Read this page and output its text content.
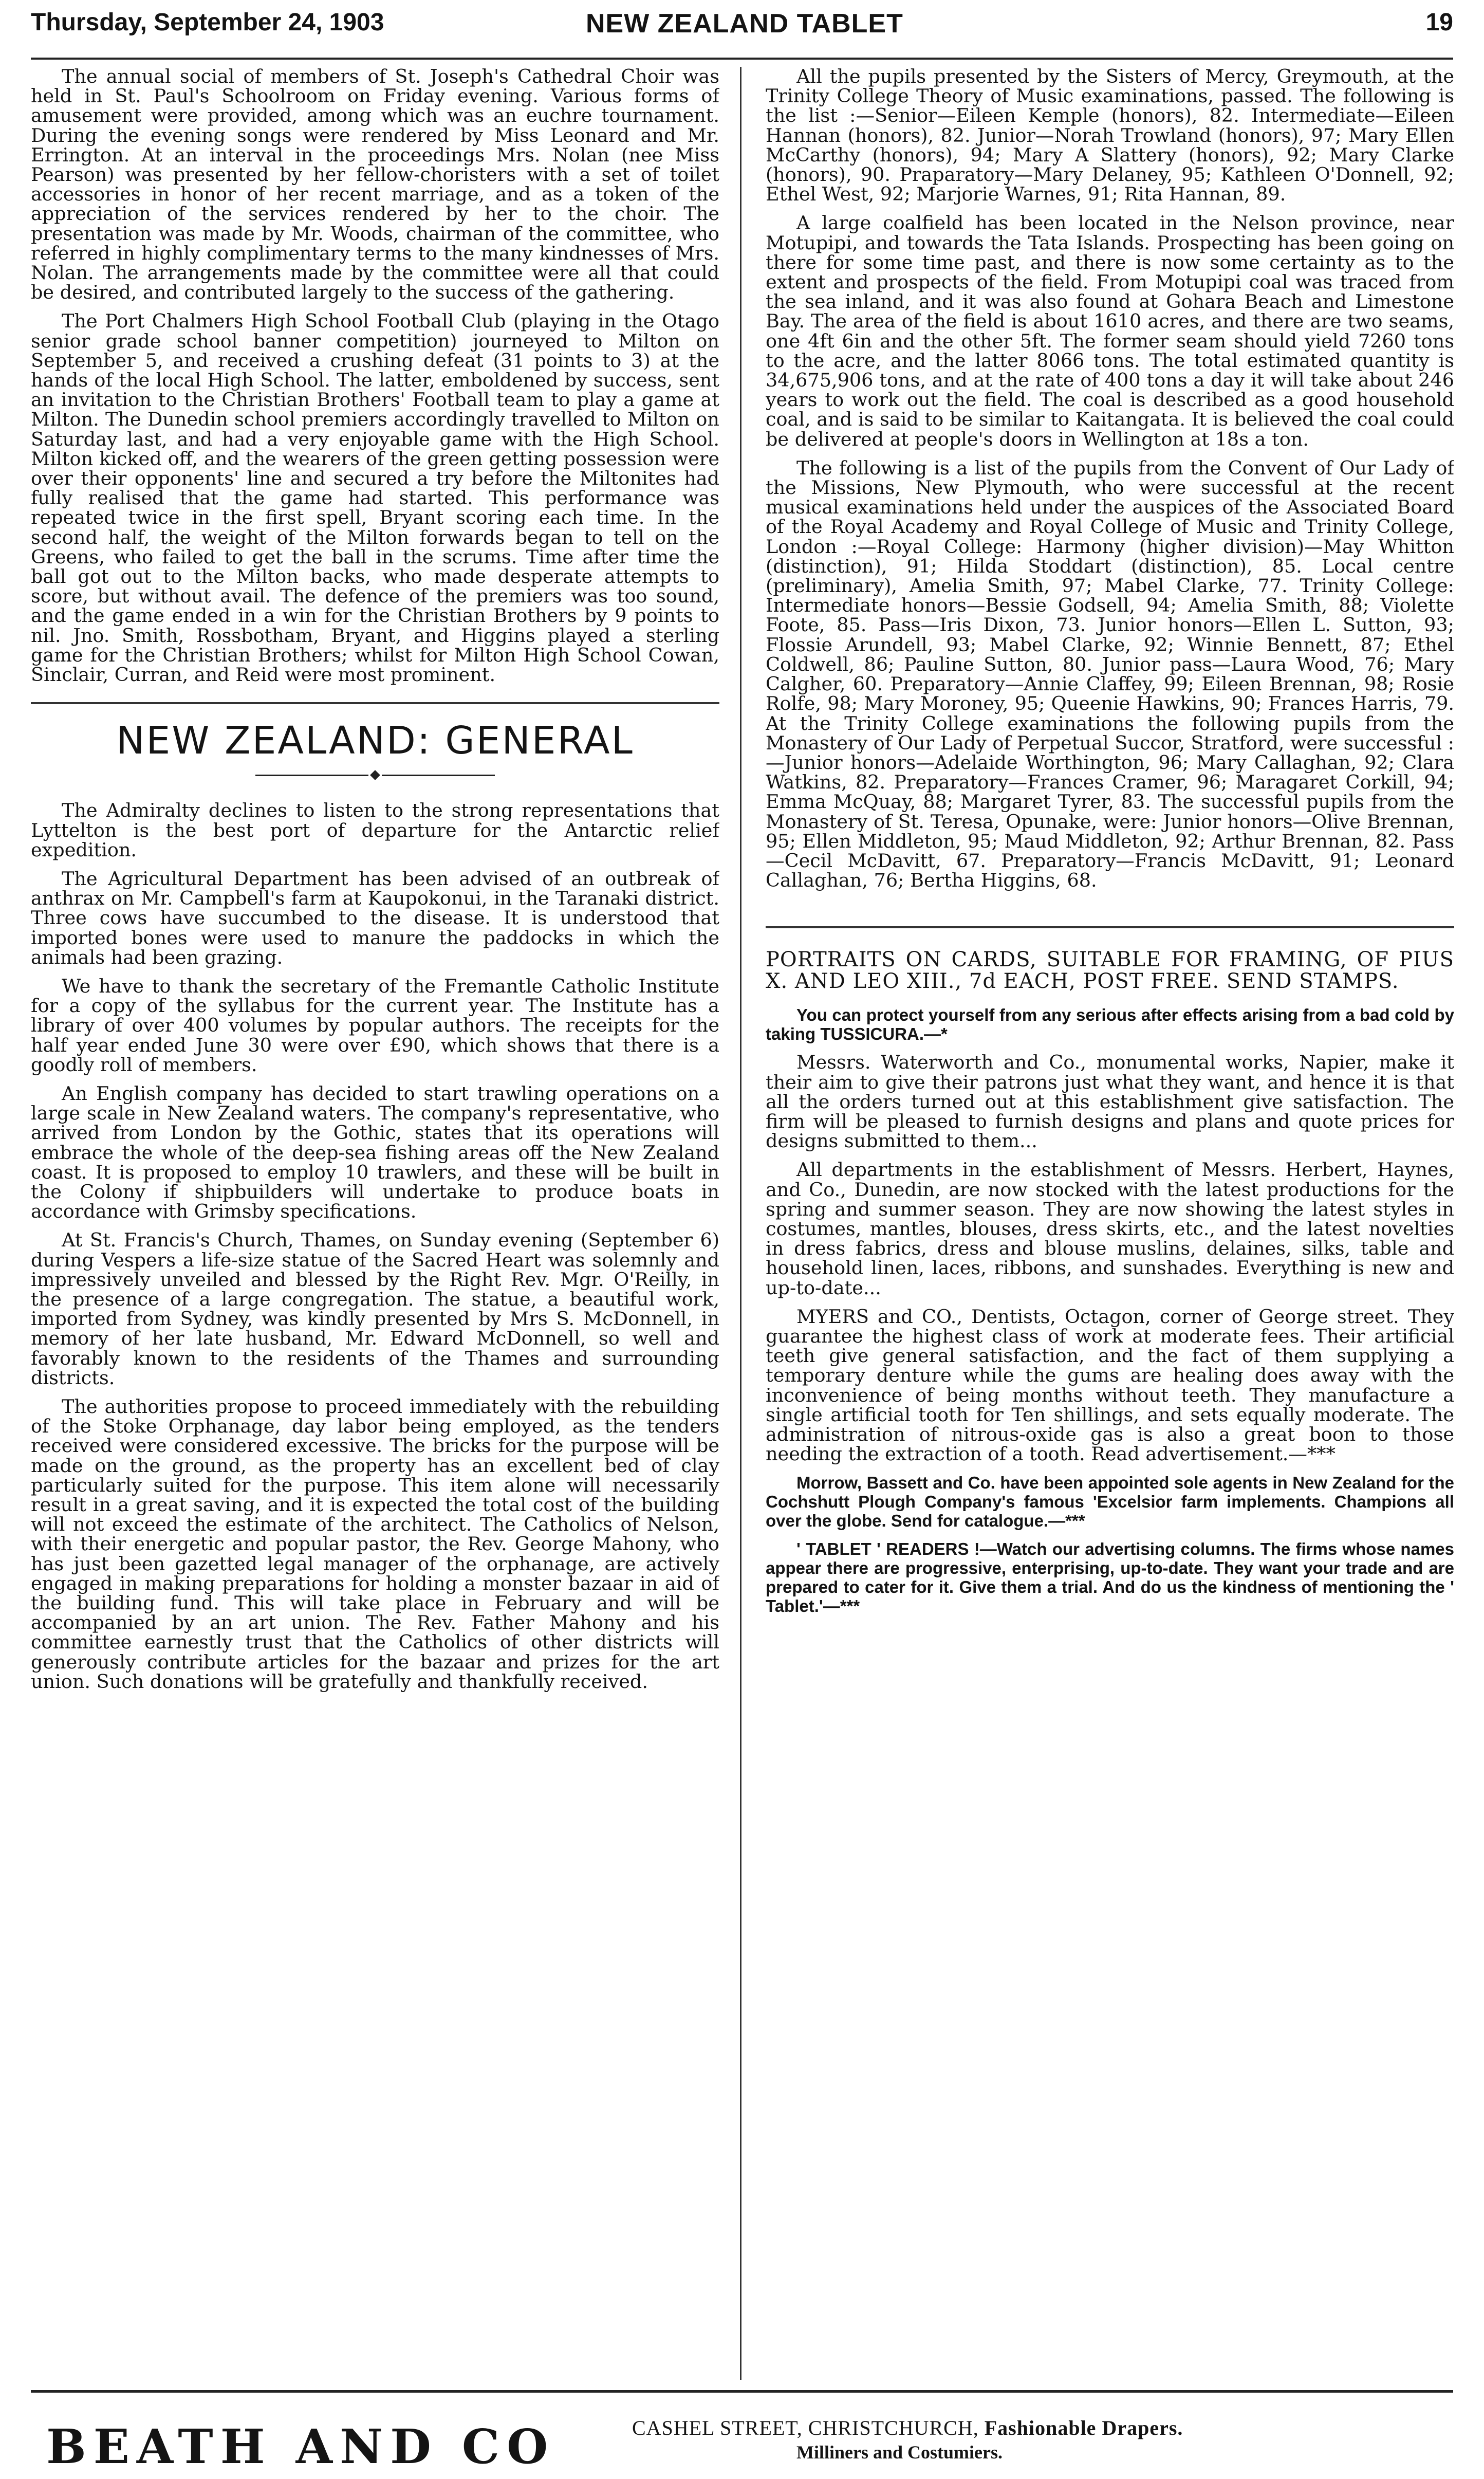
Thursday, September 24, 1903	NEW ZEALAND TABLET	19

The annual social of members of St. Joseph's Cathedral Choir was held in St. Paul's Schoolroom on Friday evening. Various forms of amusement were provided, among which was an euchre tournament. During the evening songs were rendered by Miss Leonard and Mr. Errington. At an interval in the proceedings Mrs. Nolan (nee Miss Pearson) was presented by her fellow-choristers with a set of toilet accessories in honor of her recent marriage, and as a token of the appreciation of the services rendered by her to the choir. The presentation was made by Mr. Woods, chairman of the committee, who referred in highly complimentary terms to the many kindnesses of Mrs. Nolan. The arrangements made by the committee were all that could be desired, and contributed largely to the success of the gathering.

The Port Chalmers High School Football Club (playing in the Otago senior grade school banner competition) journeyed to Milton on September 5, and received a crushing defeat (31 points to 3) at the hands of the local High School. The latter, emboldened by success, sent an invitation to the Christian Brothers' Football team to play a game at Milton. The Dunedin school premiers accordingly travelled to Milton on Saturday last, and had a very enjoyable game with the High School. Milton kicked off, and the wearers of the green getting possession were over their opponents' line and secured a try before the Miltonites had fully realised that the game had started. This performance was repeated twice in the first spell, Bryant scoring each time. In the second half, the weight of the Milton forwards began to tell on the Greens, who failed to get the ball in the scrums. Time after time the ball got out to the Milton backs, who made desperate attempts to score, but without avail. The defence of the premiers was too sound, and the game ended in a win for the Christian Brothers by 9 points to nil. Jno. Smith, Rossbotham, Bryant, and Higgins played a sterling game for the Christian Brothers; whilst for Milton High School Cowan, Sinclair, Curran, and Reid were most prominent.

NEW ZEALAND: GENERAL

The Admiralty declines to listen to the strong representations that Lyttelton is the best port of departure for the Antarctic relief expedition.

The Agricultural Department has been advised of an outbreak of anthrax on Mr. Campbell's farm at Kaupokonui, in the Taranaki district. Three cows have succumbed to the disease. It is understood that imported bones were used to manure the paddocks in which the animals had been grazing.

We have to thank the secretary of the Fremantle Catholic Institute for a copy of the syllabus for the current year. The Institute has a library of over 400 volumes by popular authors. The receipts for the half year ended June 30 were over £90, which shows that there is a goodly roll of members.

An English company has decided to start trawling operations on a large scale in New Zealand waters. The company's representative, who arrived from London by the Gothic, states that its operations will embrace the whole of the deep-sea fishing areas off the New Zealand coast. It is proposed to employ 10 trawlers, and these will be built in the Colony if shipbuilders will undertake to produce boats in accordance with Grimsby specifications.

At St. Francis's Church, Thames, on Sunday evening (September 6) during Vespers a life-size statue of the Sacred Heart was solemnly and impressively unveiled and blessed by the Right Rev. Mgr. O'Reilly, in the presence of a large congregation. The statue, a beautiful work, imported from Sydney, was kindly presented by Mrs S. McDonnell, in memory of her late husband, Mr. Edward McDonnell, so well and favorably known to the residents of the Thames and surrounding districts.

The authorities propose to proceed immediately with the rebuilding of the Stoke Orphanage, day labor being employed, as the tenders received were considered excessive. The bricks for the purpose will be made on the ground, as the property has an excellent bed of clay particularly suited for the purpose. This item alone will necessarily result in a great saving, and it is expected the total cost of the building will not exceed the estimate of the architect. The Catholics of Nelson, with their energetic and popular pastor, the Rev. George Mahony, who has just been gazetted legal manager of the orphanage, are actively engaged in making preparations for holding a monster bazaar in aid of the building fund. This will take place in February and will be accompanied by an art union. The Rev. Father Mahony and his committee earnestly trust that the Catholics of other districts will generously contribute articles for the bazaar and prizes for the art union. Such donations will be gratefully and thankfully received.

All the pupils presented by the Sisters of Mercy, Greymouth, at the Trinity College Theory of Music examinations, passed. The following is the list :—Senior—Eileen Kemple (honors), 82. Intermediate—Eileen Hannan (honors), 82. Junior—Norah Trowland (honors), 97; Mary Ellen McCarthy (honors), 94; Mary A Slattery (honors), 92; Mary Clarke (honors), 90. Praparatory—Mary Delaney, 95; Kathleen O'Donnell, 92; Ethel West, 92; Marjorie Warnes, 91; Rita Hannan, 89.

A large coalfield has been located in the Nelson province, near Motupipi, and towards the Tata Islands. Prospecting has been going on there for some time past, and there is now some certainty as to the extent and prospects of the field. From Motupipi coal was traced from the sea inland, and it was also found at Gohara Beach and Limestone Bay. The area of the field is about 1610 acres, and there are two seams, one 4ft 6in and the other 5ft. The former seam should yield 7260 tons to the acre, and the latter 8066 tons. The total estimated quantity is 34,675,906 tons, and at the rate of 400 tons a day it will take about 246 years to work out the field. The coal is described as a good household coal, and is said to be similar to Kaitangata. It is believed the coal could be delivered at people's doors in Wellington at 18s a ton.

The following is a list of the pupils from the Convent of Our Lady of the Missions, New Plymouth, who were successful at the recent musical examinations held under the auspices of the Associated Board of the Royal Academy and Royal College of Music and Trinity College, London :—Royal College: Harmony (higher division)—May Whitton (distinction), 91; Hilda Stoddart (distinction), 85. Local centre (preliminary), Amelia Smith, 97; Mabel Clarke, 77. Trinity College: Intermediate honors—Bessie Godsell, 94; Amelia Smith, 88; Violette Foote, 85. Pass—Iris Dixon, 73. Junior honors—Ellen L. Sutton, 93; Flossie Arundell, 93; Mabel Clarke, 92; Winnie Bennett, 87; Ethel Coldwell, 86; Pauline Sutton, 80. Junior pass—Laura Wood, 76; Mary Calgher, 60. Preparatory—Annie Claffey, 99; Eileen Brennan, 98; Rosie Rolfe, 98; Mary Moroney, 95; Queenie Hawkins, 90; Frances Harris, 79. At the Trinity College examinations the following pupils from the Monastery of Our Lady of Perpetual Succor, Stratford, were successful :—Junior honors—Adelaide Worthington, 96; Mary Callaghan, 92; Clara Watkins, 82. Preparatory—Frances Cramer, 96; Maragaret Corkill, 94; Emma McQuay, 88; Margaret Tyrer, 83. The successful pupils from the Monastery of St. Teresa, Opunake, were: Junior honors—Olive Brennan, 95; Ellen Middleton, 95; Maud Middleton, 92; Arthur Brennan, 82. Pass—Cecil McDavitt, 67. Preparatory—Francis McDavitt, 91; Leonard Callaghan, 76; Bertha Higgins, 68.

PORTRAITS ON CARDS, SUITABLE FOR FRAMING, OF PIUS X. AND LEO XIII., 7d EACH, POST FREE. SEND STAMPS.

You can protect yourself from any serious after effects arising from a bad cold by taking TUSSICURA.—*

Messrs. Waterworth and Co., monumental works, Napier, make it their aim to give their patrons just what they want, and hence it is that all the orders turned out at this establishment give satisfaction. The firm will be pleased to furnish designs and plans and quote prices for designs submitted to them...

All departments in the establishment of Messrs. Herbert, Haynes, and Co., Dunedin, are now stocked with the latest productions for the spring and summer season. They are now showing the latest styles in costumes, mantles, blouses, dress skirts, etc., and the latest novelties in dress fabrics, dress and blouse muslins, delaines, silks, table and household linen, laces, ribbons, and sunshades. Everything is new and up-to-date...

MYERS and CO., Dentists, Octagon, corner of George street. They guarantee the highest class of work at moderate fees. Their artificial teeth give general satisfaction, and the fact of them supplying a temporary denture while the gums are healing does away with the inconvenience of being months without teeth. They manufacture a single artificial tooth for Ten shillings, and sets equally moderate. The administration of nitrous-oxide gas is also a great boon to those needing the extraction of a tooth. Read advertisement.—***

Morrow, Bassett and Co. have been appointed sole agents in New Zealand for the Cochshutt Plough Company's famous 'Excelsior farm implements. Champions all over the globe. Send for catalogue.—***

' TABLET ' READERS !—Watch our advertising columns. The firms whose names appear there are progressive, enterprising, up-to-date. They want your trade and are prepared to cater for it. Give them a trial. And do us the kindness of mentioning the ' Tablet.'—***

BEATH AND CO	CASHEL STREET, CHRISTCHURCH, Fashionable Drapers.
Milliners and Costumiers.
